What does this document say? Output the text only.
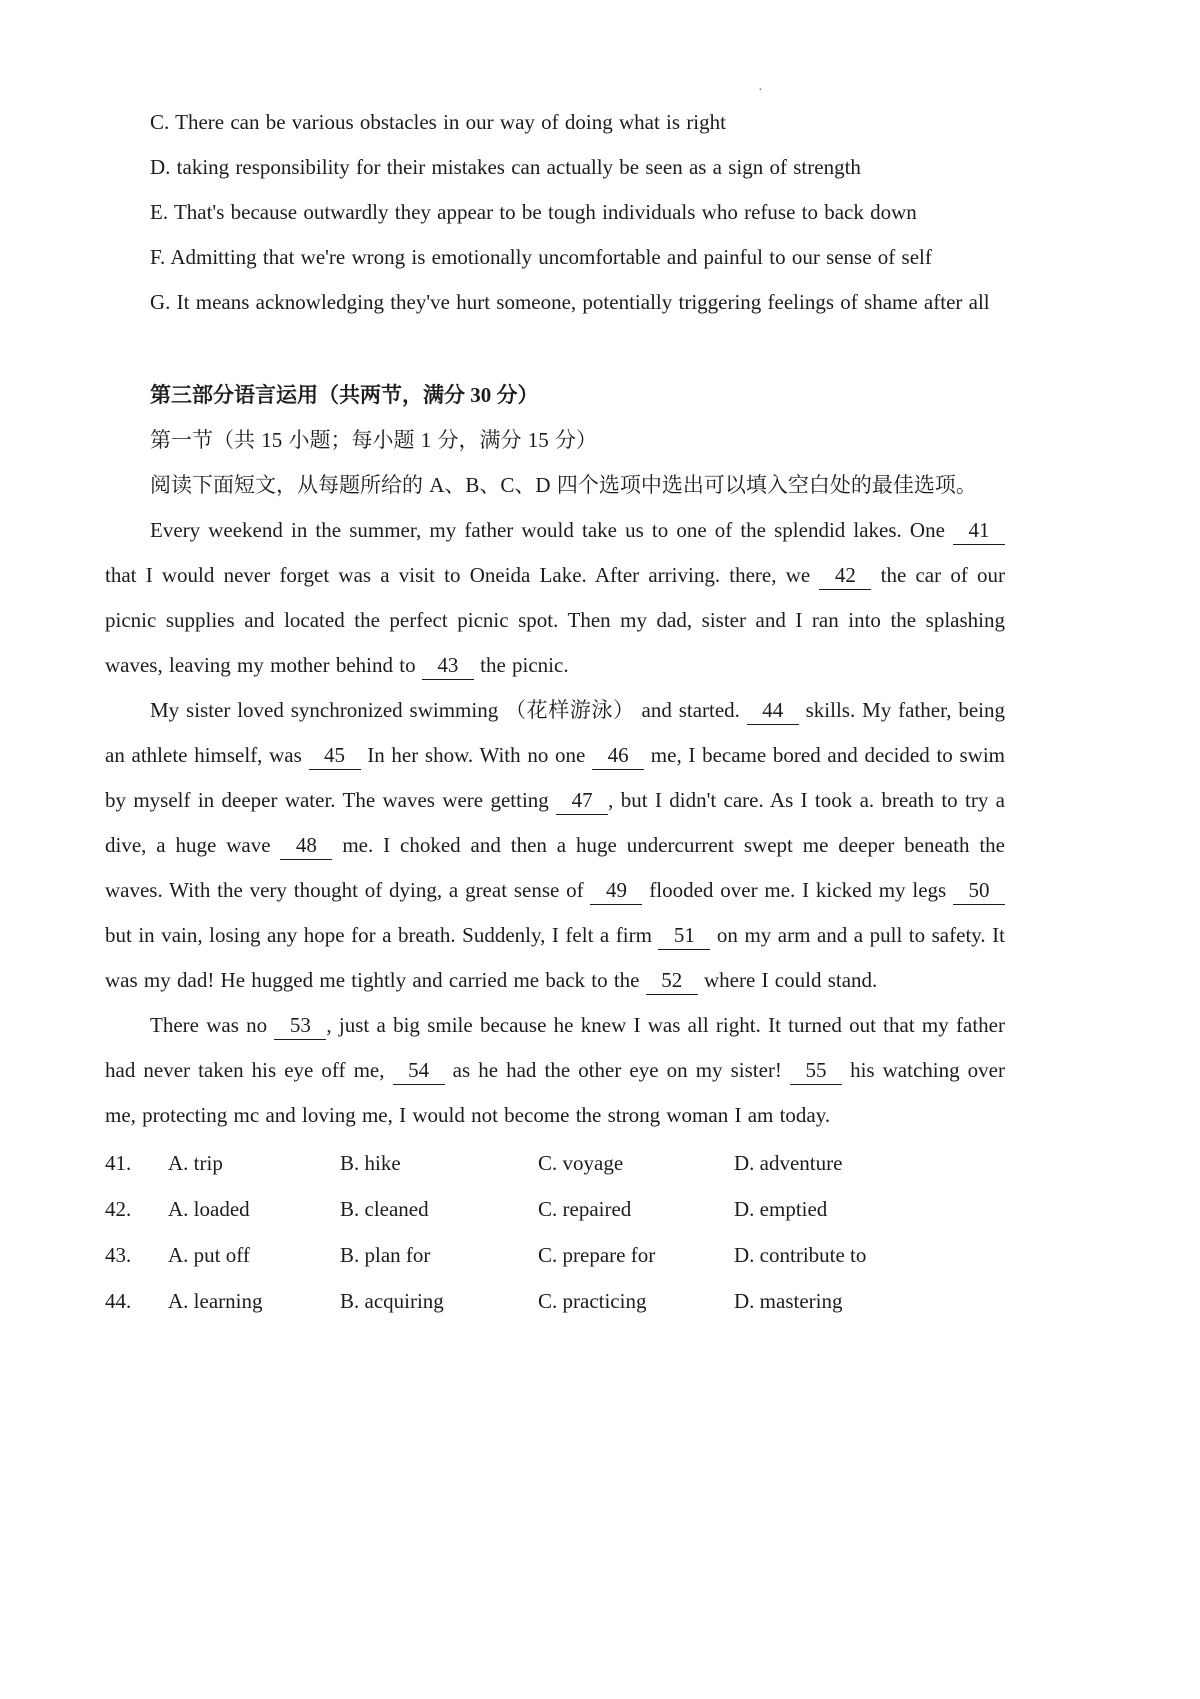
·

C. There can be various obstacles in our way of doing what is right

D. taking responsibility for their mistakes can actually be seen as a sign of strength

E. That's because outwardly they appear to be tough individuals who refuse to back down

F. Admitting that we're wrong is emotionally uncomfortable and painful to our sense of self

G. It means acknowledging they've hurt someone, potentially triggering feelings of shame after all

第三部分语言运用（共两节，满分 30 分）

第一节（共 15 小题；每小题 1 分，满分 15 分）

阅读下面短文，从每题所给的 A、B、C、D 四个选项中选出可以填入空白处的最佳选项。

Every weekend in the summer, my father would take us to one of the splendid lakes. One 41 that I would never forget was a visit to Oneida Lake. After arriving. there, we 42 the car of our picnic supplies and located the perfect picnic spot. Then my dad, sister and I ran into the splashing waves, leaving my mother behind to 43 the picnic.

My sister loved synchronized swimming （花样游泳） and started. 44 skills. My father, being an athlete himself, was 45 In her show. With no one 46 me, I became bored and decided to swim by myself in deeper water. The waves were getting 47 , but I didn't care. As I took a. breath to try a dive, a huge wave 48 me. I choked and then a huge undercurrent swept me deeper beneath the waves. With the very thought of dying, a great sense of 49 flooded over me. I kicked my legs 50 but in vain, losing any hope for a breath. Suddenly, I felt a firm 51 on my arm and a pull to safety. It was my dad! He hugged me tightly and carried me back to the 52 where I could stand.

There was no 53 , just a big smile because he knew I was all right. It turned out that my father had never taken his eye off me, 54 as he had the other eye on my sister! 55 his watching over me, protecting mc and loving me, I would not become the strong woman I am today.

41.	A. trip	B. hike	C. voyage	D. adventure
42.	A. loaded	B. cleaned	C. repaired	D. emptied
43.	A. put off	B. plan for	C. prepare for	D. contribute to
44.	A. learning	B. acquiring	C. practicing	D. mastering
